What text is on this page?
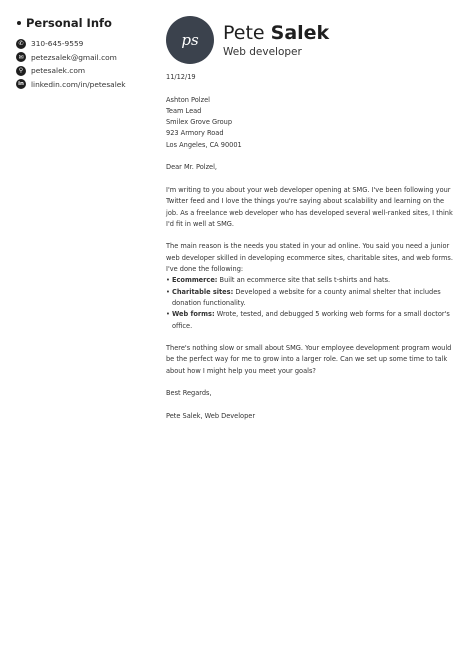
Personal Info
✆	310-645-9559
✉	petezsalek@gmail.com
⚲	petesalek.com
in linkedin.com/in/petesalek
ps Pete Salek
Web developer

11/12/19

Ashton Polzel

Team Lead

Smilex Grove Group

923 Armory Road

Los Angeles, CA 90001

Dear Mr. Polzel,

I'm writing to you about your web developer opening at SMG. I've been following your Twitter feed and I love the things you're saying about scalability and learning on the job. As a freelance web developer who has developed several well-ranked sites, I think I'd fit in well at SMG.

The main reason is the needs you stated in your ad online. You said you need a junior web developer skilled in developing ecommerce sites, charitable sites, and web forms. I've done the following:

• Ecommerce: Built an ecommerce site that sells t-shirts and hats.
• Charitable sites: Developed a website for a county animal shelter that includes donation functionality.
• Web forms: Wrote, tested, and debugged 5 working web forms for a small doctor's office.

There's nothing slow or small about SMG. Your employee development program would be the perfect way for me to grow into a larger role. Can we set up some time to talk about how I might help you meet your goals?

Best Regards,

Pete Salek, Web Developer
